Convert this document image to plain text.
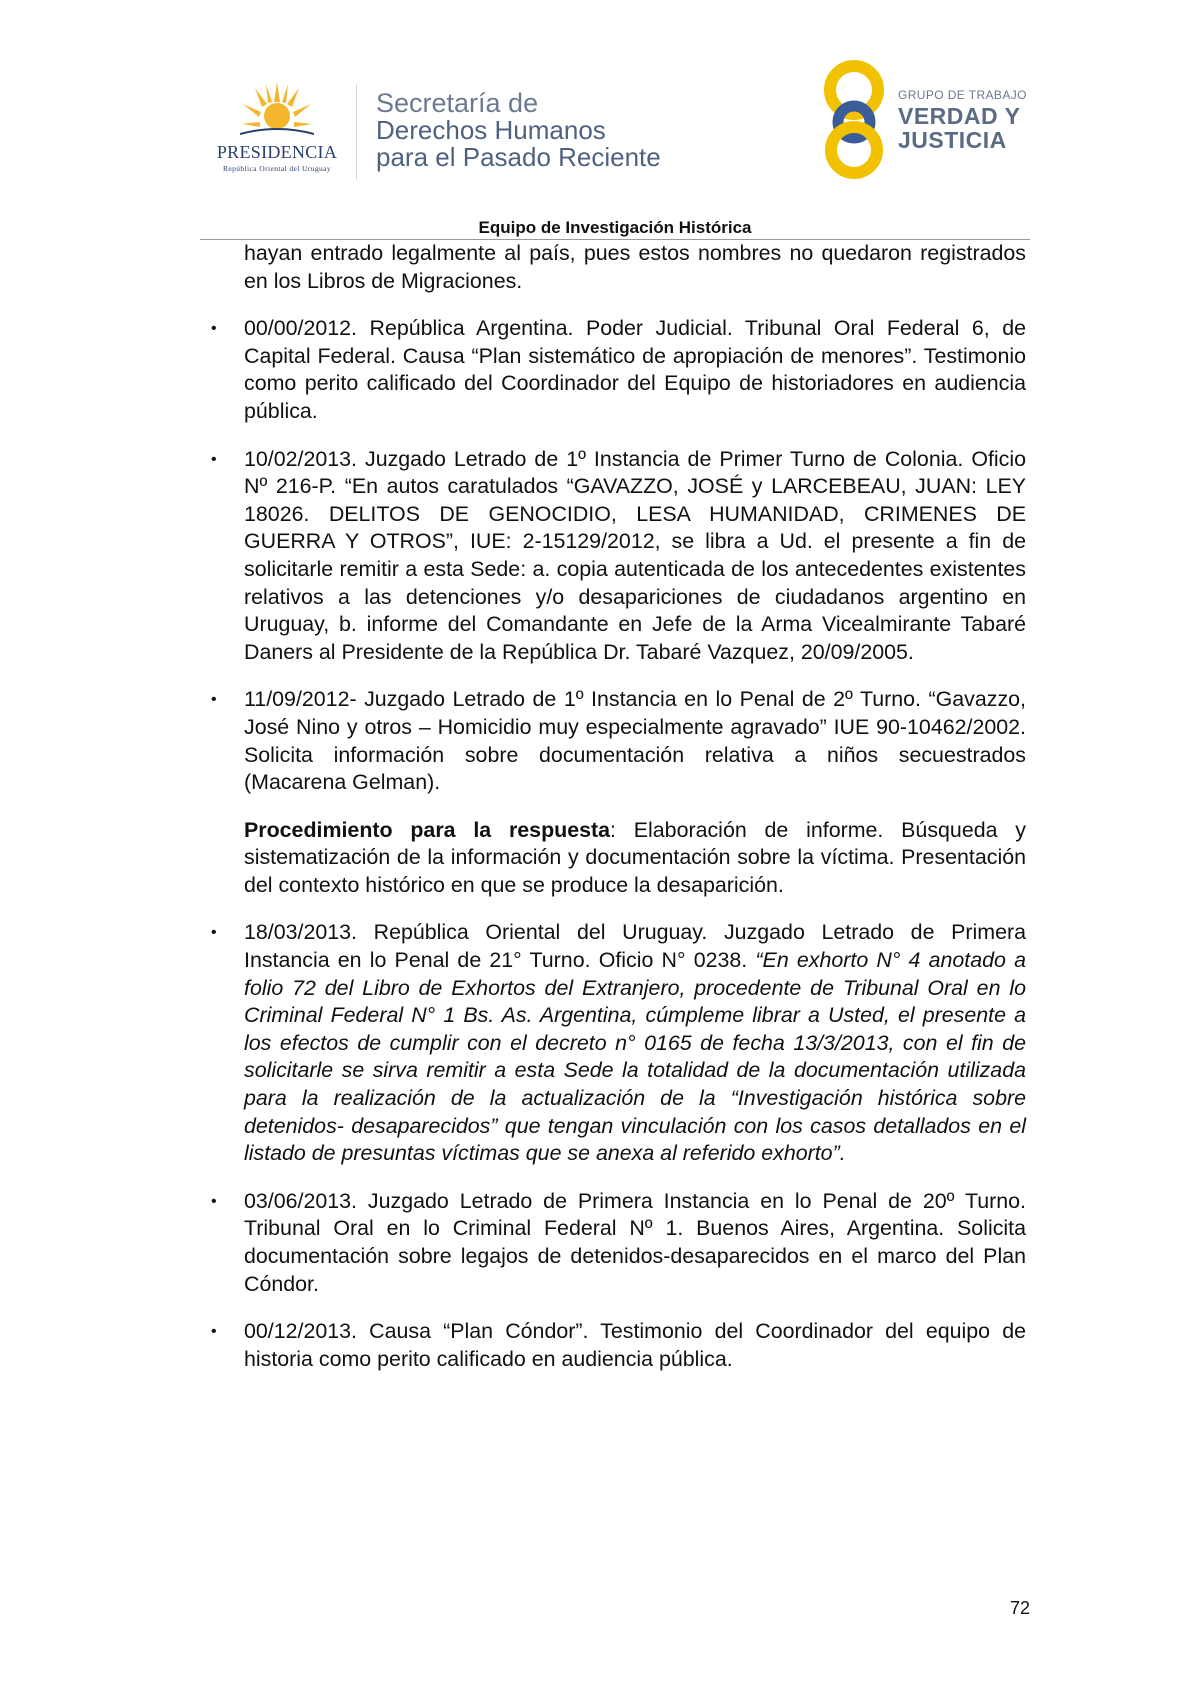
PRESIDENCIA
República Oriental del Uruguay
Secretaría de
Derechos Humanos
para el Pasado Reciente
GRUPO DE TRABAJO
VERDAD Y
JUSTICIA
Equipo de Investigación Histórica

hayan entrado legalmente al país, pues estos nombres no quedaron registrados en los Libros de Migraciones.

• 00/00/2012. República Argentina. Poder Judicial. Tribunal Oral Federal 6, de Capital Federal. Causa “Plan sistemático de apropiación de menores”. Testimonio como perito calificado del Coordinador del Equipo de historiadores en audiencia pública.
• 10/02/2013. Juzgado Letrado de 1º Instancia de Primer Turno de Colonia. Oficio Nº 216-P. “En autos caratulados “GAVAZZO, JOSÉ y LARCEBEAU, JUAN: LEY 18026. DELITOS DE GENOCIDIO, LESA HUMANIDAD, CRIMENES DE GUERRA Y OTROS”, IUE: 2-15129/2012, se libra a Ud. el presente a fin de solicitarle remitir a esta Sede: a. copia autenticada de los antecedentes existentes relativos a las detenciones y/o desapariciones de ciudadanos argentino en Uruguay, b. informe del Comandante en Jefe de la Arma Vicealmirante Tabaré Daners al Presidente de la República Dr. Tabaré Vazquez, 20/09/2005.
• 11/09/2012- Juzgado Letrado de 1º Instancia en lo Penal de 2º Turno. “Gavazzo, José Nino y otros – Homicidio muy especialmente agravado” IUE 90-10462/2002. Solicita información sobre documentación relativa a niños secuestrados (Macarena Gelman).

Procedimiento para la respuesta: Elaboración de informe. Búsqueda y sistematización de la información y documentación sobre la víctima. Presentación del contexto histórico en que se produce la desaparición.

• 18/03/2013. República Oriental del Uruguay. Juzgado Letrado de Primera Instancia en lo Penal de 21° Turno. Oficio N° 0238. “En exhorto N° 4 anotado a folio 72 del Libro de Exhortos del Extranjero, procedente de Tribunal Oral en lo Criminal Federal N° 1 Bs. As. Argentina, cúmpleme librar a Usted, el presente a los efectos de cumplir con el decreto n° 0165 de fecha 13/3/2013, con el fin de solicitarle se sirva remitir a esta Sede la totalidad de la documentación utilizada para la realización de la actualización de la “Investigación histórica sobre detenidos- desaparecidos” que tengan vinculación con los casos detallados en el listado de presuntas víctimas que se anexa al referido exhorto”.
• 03/06/2013. Juzgado Letrado de Primera Instancia en lo Penal de 20º Turno. Tribunal Oral en lo Criminal Federal Nº 1. Buenos Aires, Argentina. Solicita documentación sobre legajos de detenidos-desaparecidos en el marco del Plan Cóndor.
• 00/12/2013. Causa “Plan Cóndor”. Testimonio del Coordinador del equipo de historia como perito calificado en audiencia pública.
72
